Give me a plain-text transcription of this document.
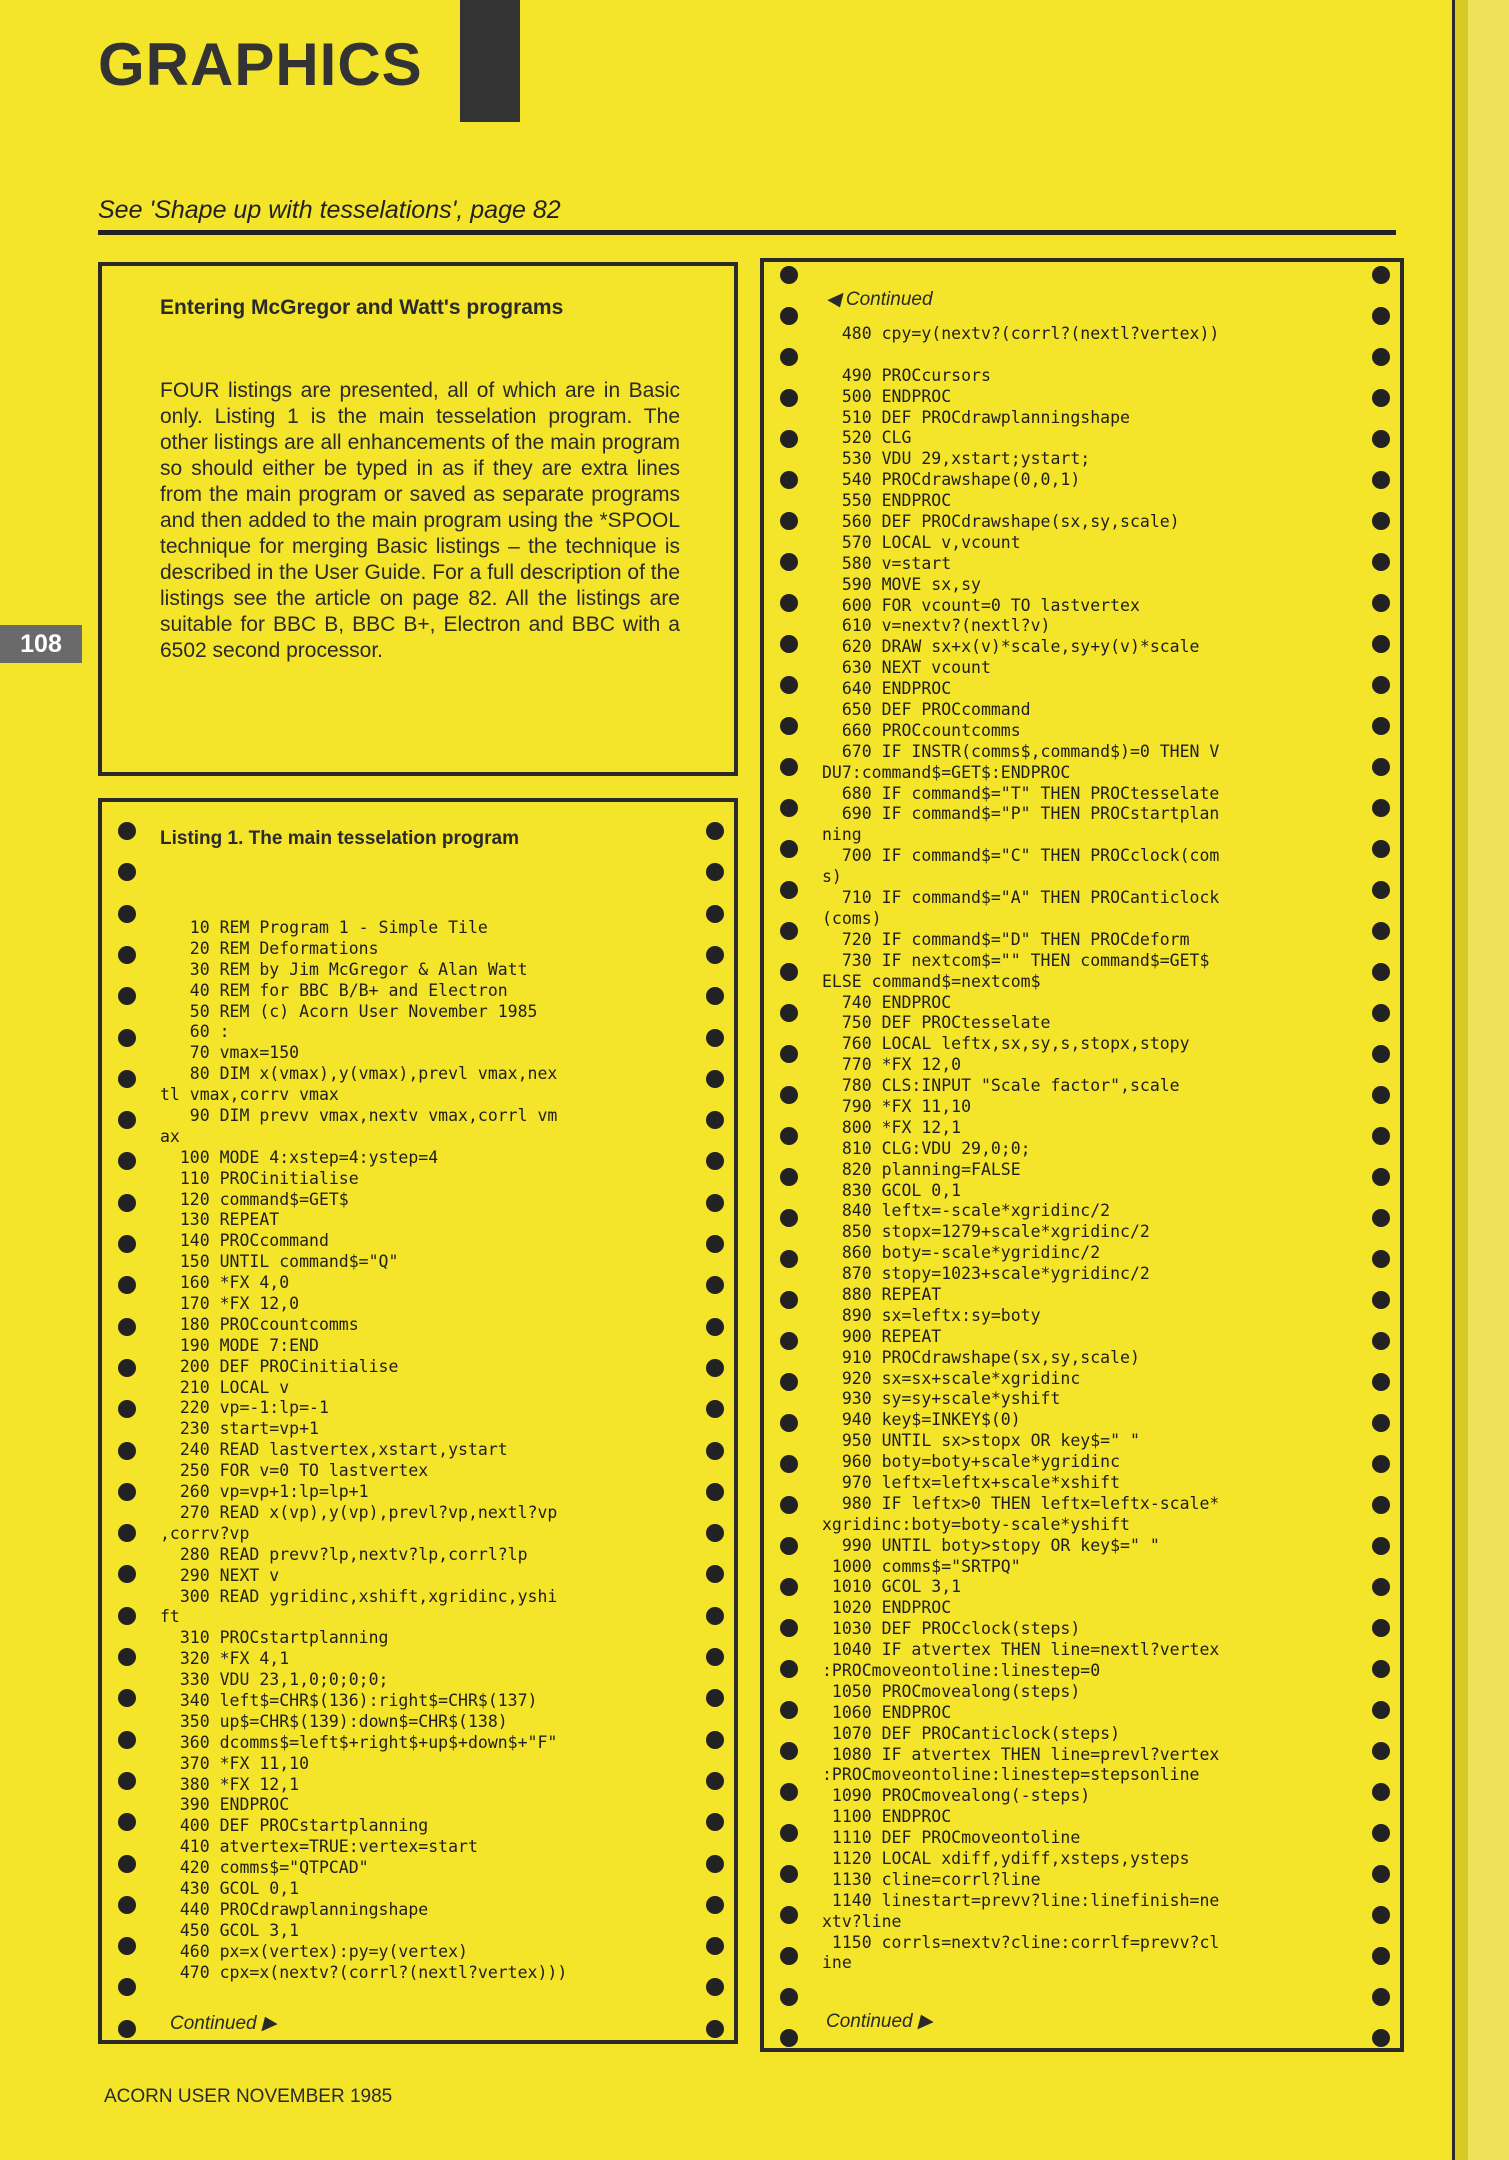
GRAPHICS
See 'Shape up with tesselations', page 82
108
Entering McGregor and Watt's programs
FOUR listings are presented, all of which are in Basic only. Listing 1 is the main tesselation program. The other listings are all enhancements of the main program so should either be typed in as if they are extra lines from the main program or saved as separate programs and then added to the main program using the *SPOOL technique for merging Basic listings – the technique is described in the User Guide. For a full description of the listings see the article on page 82. All the listings are suitable for BBC B, BBC B+, Electron and BBC with a 6502 second processor.
Listing 1. The main tesselation program
10 REM Program 1 - Simple Tile
20 REM Deformations
30 REM by Jim McGregor & Alan Watt
40 REM for BBC B/B+ and Electron
50 REM (c) Acorn User November 1985
60 :
70 vmax=150
80 DIM x(vmax),y(vmax),prevl vmax,nex
tl vmax,corrv vmax
90 DIM prevv vmax,nextv vmax,corrl vm
ax
100 MODE 4:xstep=4:ystep=4
110 PROCinitialise
120 command$=GET$
130 REPEAT
140 PROCcommand
150 UNTIL command$="Q"
160 *FX 4,0
170 *FX 12,0
180 PROCcountcomms
190 MODE 7:END
200 DEF PROCinitialise
210 LOCAL v
220 vp=-1:lp=-1
230 start=vp+1
240 READ lastvertex,xstart,ystart
250 FOR v=0 TO lastvertex
260 vp=vp+1:lp=lp+1
270 READ x(vp),y(vp),prevl?vp,nextl?vp
,corrv?vp
280 READ prevv?lp,nextv?lp,corrl?lp
290 NEXT v
300 READ ygridinc,xshift,xgridinc,yshi
ft
310 PROCstartplanning
320 *FX 4,1
330 VDU 23,1,0;0;0;0;
340 left$=CHR$(136):right$=CHR$(137)
350 up$=CHR$(139):down$=CHR$(138)
360 dcomms$=left$+right$+up$+down$+"F"
370 *FX 11,10
380 *FX 12,1
390 ENDPROC
400 DEF PROCstartplanning
410 atvertex=TRUE:vertex=start
420 comms$="QTPCAD"
430 GCOL 0,1
440 PROCdrawplanningshape
450 GCOL 3,1
460 px=x(vertex):py=y(vertex)
470 cpx=x(nextv?(corrl?(nextl?vertex)))
Continued ▶
◀ Continued
480 cpy=y(nextv?(corrl?(nextl?vertex))
490 PROCcursors
500 ENDPROC
510 DEF PROCdrawplanningshape
520 CLG
530 VDU 29,xstart;ystart;
540 PROCdrawshape(0,0,1)
550 ENDPROC
560 DEF PROCdrawshape(sx,sy,scale)
570 LOCAL v,vcount
580 v=start
590 MOVE sx,sy
600 FOR vcount=0 TO lastvertex
610 v=nextv?(nextl?v)
620 DRAW sx+x(v)*scale,sy+y(v)*scale
630 NEXT vcount
640 ENDPROC
650 DEF PROCcommand
660 PROCcountcomms
670 IF INSTR(comms$,command$)=0 THEN V
DU7:command$=GET$:ENDPROC
680 IF command$="T" THEN PROCtesselate
690 IF command$="P" THEN PROCstartplan
ning
700 IF command$="C" THEN PROCclock(com
s)
710 IF command$="A" THEN PROCanticlock
(coms)
720 IF command$="D" THEN PROCdeform
730 IF nextcom$="" THEN command$=GET$
ELSE command$=nextcom$
740 ENDPROC
750 DEF PROCtesselate
760 LOCAL leftx,sx,sy,s,stopx,stopy
770 *FX 12,0
780 CLS:INPUT "Scale factor",scale
790 *FX 11,10
800 *FX 12,1
810 CLG:VDU 29,0;0;
820 planning=FALSE
830 GCOL 0,1
840 leftx=-scale*xgridinc/2
850 stopx=1279+scale*xgridinc/2
860 boty=-scale*ygridinc/2
870 stopy=1023+scale*ygridinc/2
880 REPEAT
890 sx=leftx:sy=boty
900 REPEAT
910 PROCdrawshape(sx,sy,scale)
920 sx=sx+scale*xgridinc
930 sy=sy+scale*yshift
940 key$=INKEY$(0)
950 UNTIL sx>stopx OR key$=" "
960 boty=boty+scale*ygridinc
970 leftx=leftx+scale*xshift
980 IF leftx>0 THEN leftx=leftx-scale*
xgridinc:boty=boty-scale*yshift
990 UNTIL boty>stopy OR key$=" "
1000 comms$="SRTPQ"
1010 GCOL 3,1
1020 ENDPROC
1030 DEF PROCclock(steps)
1040 IF atvertex THEN line=nextl?vertex
:PROCmoveontoline:linestep=0
1050 PROCmovealong(steps)
1060 ENDPROC
1070 DEF PROCanticlock(steps)
1080 IF atvertex THEN line=prevl?vertex
:PROCmoveontoline:linestep=stepsonline
1090 PROCmovealong(-steps)
1100 ENDPROC
1110 DEF PROCmoveontoline
1120 LOCAL xdiff,ydiff,xsteps,ysteps
1130 cline=corrl?line
1140 linestart=prevv?line:linefinish=ne
xtv?line
1150 corrls=nextv?cline:corrlf=prevv?cl
ine
Continued ▶
ACORN USER NOVEMBER 1985
